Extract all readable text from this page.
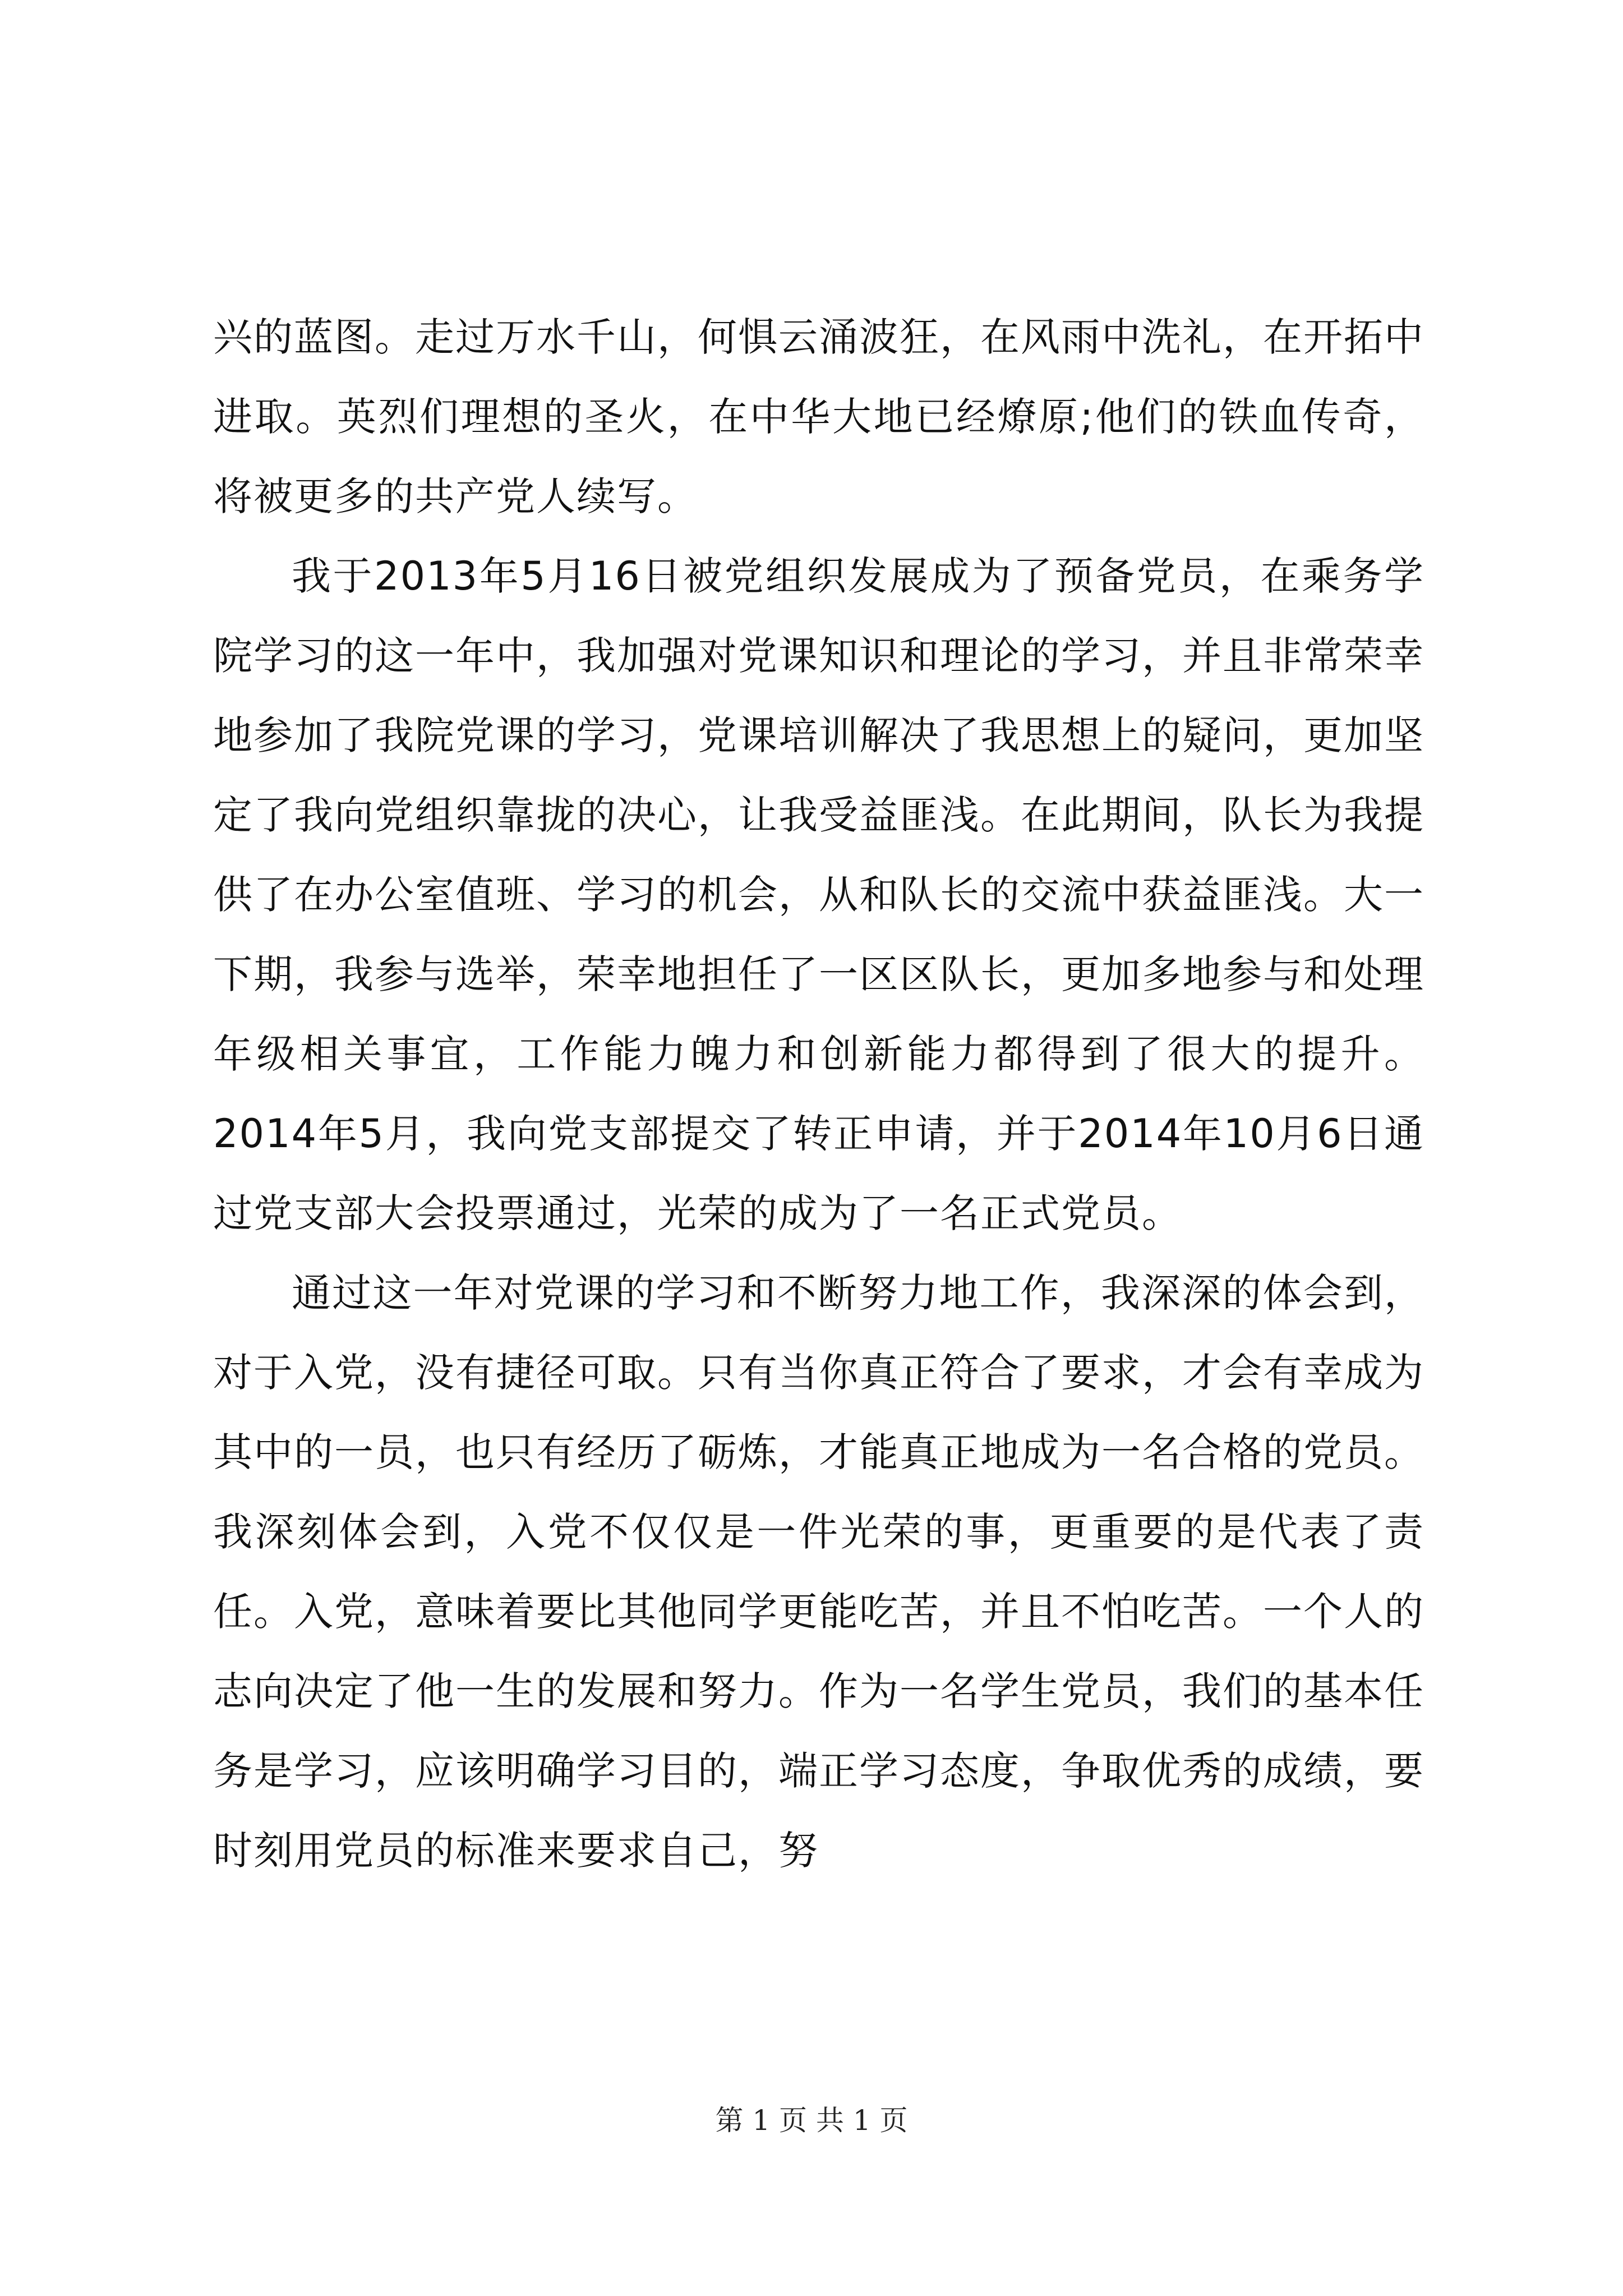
兴的蓝图。走过万水千山，何惧云涌波狂，在风雨中洗礼，在开拓中进取。英烈们理想的圣火，在中华大地已经燎原;他们的铁血传奇，将被更多的共产党人续写。

我于2013年5月16日被党组织发展成为了预备党员，在乘务学院学习的这一年中，我加强对党课知识和理论的学习，并且非常荣幸地参加了我院党课的学习，党课培训解决了我思想上的疑问，更加坚定了我向党组织靠拢的决心，让我受益匪浅。在此期间，队长为我提供了在办公室值班、学习的机会，从和队长的交流中获益匪浅。大一下期，我参与选举，荣幸地担任了一区区队长，更加多地参与和处理年级相关事宜，工作能力魄力和创新能力都得到了很大的提升。2014年5月，我向党支部提交了转正申请，并于2014年10月6日通过党支部大会投票通过，光荣的成为了一名正式党员。

通过这一年对党课的学习和不断努力地工作，我深深的体会到，对于入党，没有捷径可取。只有当你真正符合了要求，才会有幸成为其中的一员，也只有经历了砺炼，才能真正地成为一名合格的党员。我深刻体会到，入党不仅仅是一件光荣的事，更重要的是代表了责任。入党，意味着要比其他同学更能吃苦，并且不怕吃苦。一个人的志向决定了他一生的发展和努力。作为一名学生党员，我们的基本任务是学习，应该明确学习目的，端正学习态度，争取优秀的成绩，要时刻用党员的标准来要求自己，努

第 1 页 共 1 页
